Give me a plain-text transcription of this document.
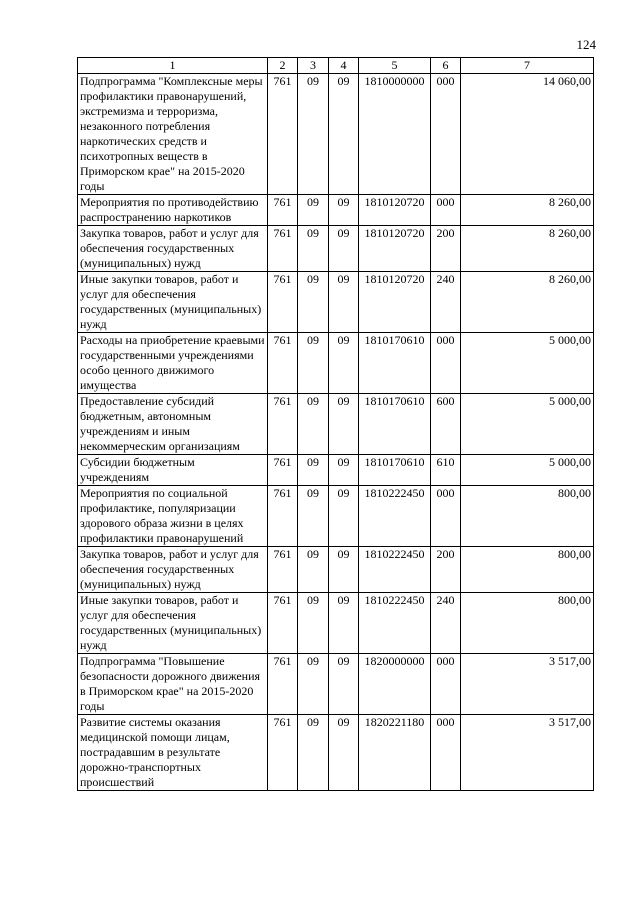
124
1	2	3	4	5	6	7
Подпрограмма "Комплексные меры профилактики правонарушений, экстремизма и терроризма, незаконного потребления наркотических средств и психотропных веществ в Приморском крае" на 2015-2020 годы	761	09	09	1810000000	000	14 060,00
Мероприятия по противодействию распространению наркотиков	761	09	09	1810120720	000	8 260,00
Закупка товаров, работ и услуг для обеспечения государственных (муниципальных) нужд	761	09	09	1810120720	200	8 260,00
Иные закупки товаров, работ и услуг для обеспечения государственных (муниципальных) нужд	761	09	09	1810120720	240	8 260,00
Расходы на приобретение краевыми государственными учреждениями особо ценного движимого имущества	761	09	09	1810170610	000	5 000,00
Предоставление субсидий бюджетным, автономным учреждениям и иным некоммерческим организациям	761	09	09	1810170610	600	5 000,00
Субсидии бюджетным учреждениям	761	09	09	1810170610	610	5 000,00
Мероприятия по социальной профилактике, популяризации здорового образа жизни в целях профилактики правонарушений	761	09	09	1810222450	000	800,00
Закупка товаров, работ и услуг для обеспечения государственных (муниципальных) нужд	761	09	09	1810222450	200	800,00
Иные закупки товаров, работ и услуг для обеспечения государственных (муниципальных) нужд	761	09	09	1810222450	240	800,00
Подпрограмма "Повышение безопасности дорожного движения в Приморском крае" на 2015-2020 годы	761	09	09	1820000000	000	3 517,00
Развитие системы оказания медицинской помощи лицам, пострадавшим в результате дорожно-транспортных происшествий	761	09	09	1820221180	000	3 517,00
